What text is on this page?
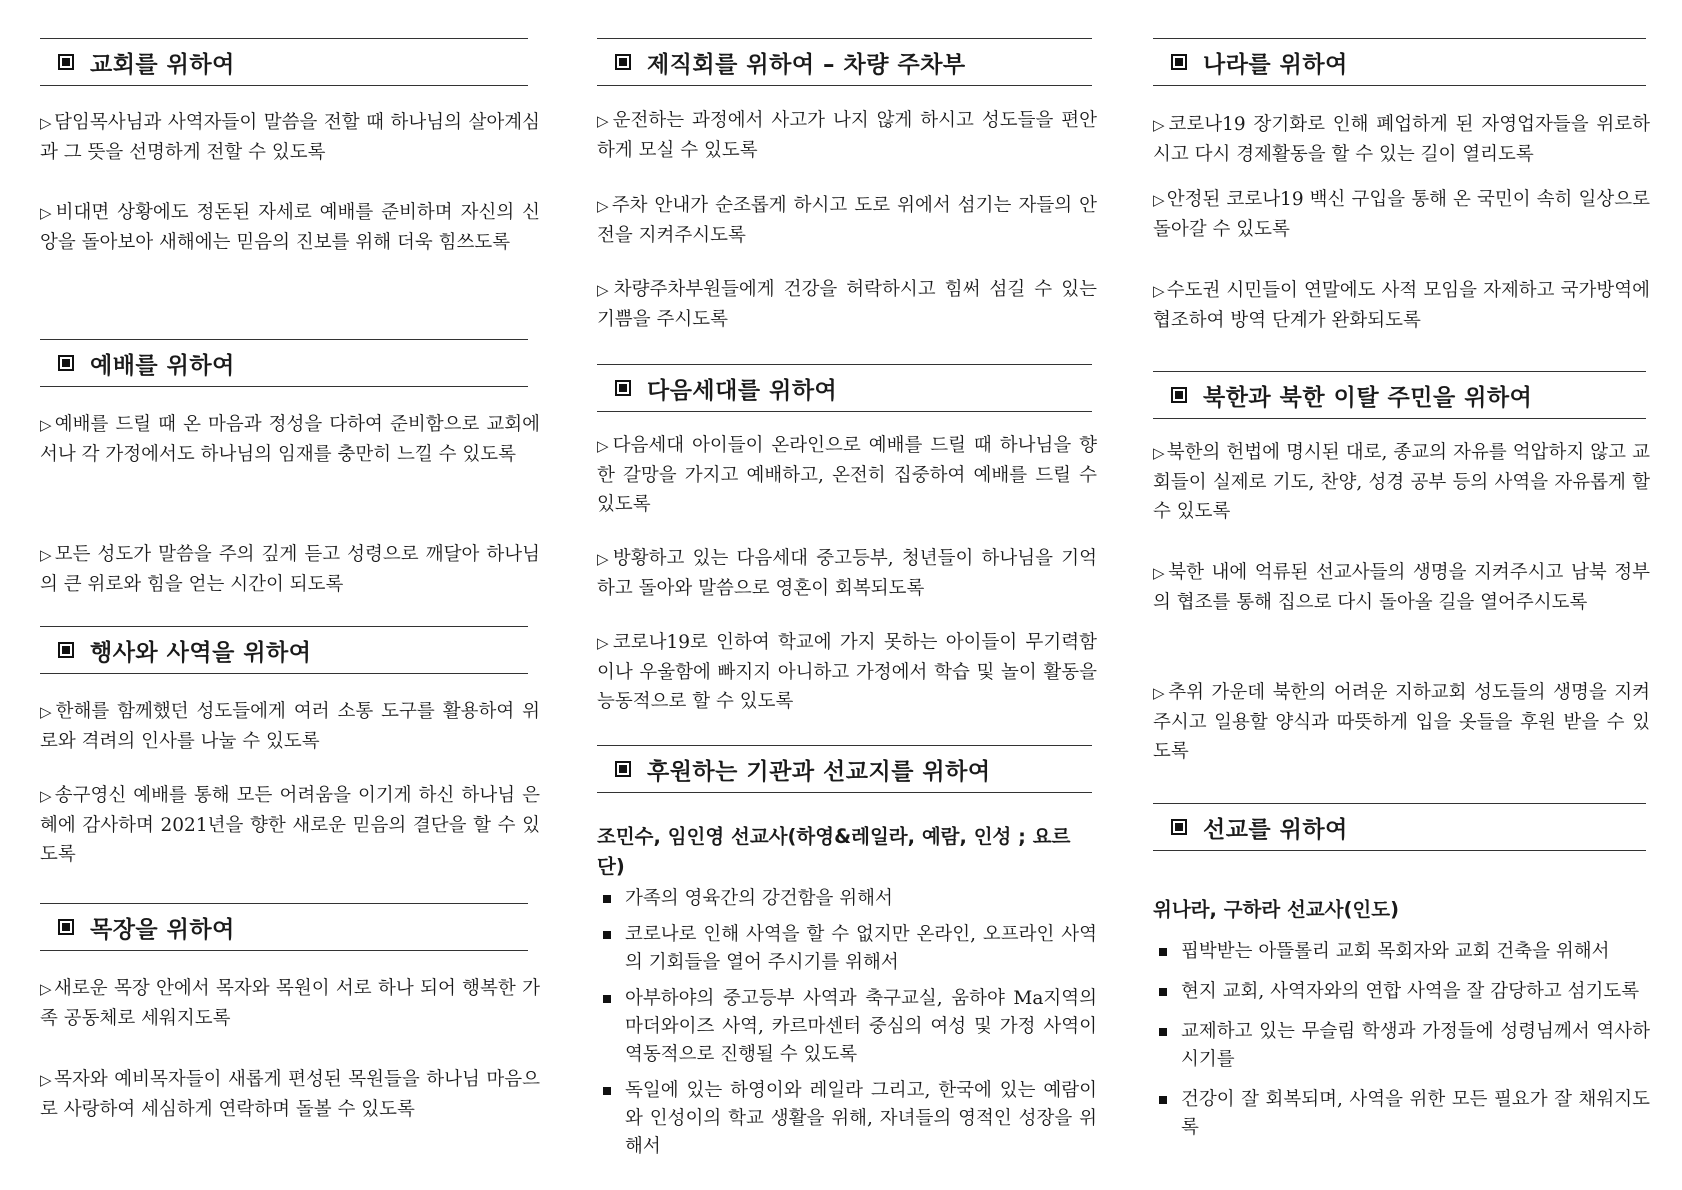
교회를 위하여

▷ 담임목사님과 사역자들이 말씀을 전할 때 하나님의 살아계심과 그 뜻을 선명하게 전할 수 있도록

▷ 비대면 상황에도 정돈된 자세로 예배를 준비하며 자신의 신앙을 돌아보아 새해에는 믿음의 진보를 위해 더욱 힘쓰도록

예배를 위하여

▷ 예배를 드릴 때 온 마음과 정성을 다하여 준비함으로 교회에서나 각 가정에서도 하나님의 임재를 충만히 느낄 수 있도록

▷ 모든 성도가 말씀을 주의 깊게 듣고 성령으로 깨달아 하나님의 큰 위로와 힘을 얻는 시간이 되도록

행사와 사역을 위하여

▷ 한해를 함께했던 성도들에게 여러 소통 도구를 활용하여 위로와 격려의 인사를 나눌 수 있도록

▷ 송구영신 예배를 통해 모든 어려움을 이기게 하신 하나님 은혜에 감사하며 2021년을 향한 새로운 믿음의 결단을 할 수 있도록

목장을 위하여

▷ 새로운 목장 안에서 목자와 목원이 서로 하나 되어 행복한 가족 공동체로 세워지도록

▷ 목자와 예비목자들이 새롭게 편성된 목원들을 하나님 마음으로 사랑하여 세심하게 연락하며 돌볼 수 있도록

제직회를 위하여 – 차량 주차부

▷ 운전하는 과정에서 사고가 나지 않게 하시고 성도들을 편안하게 모실 수 있도록

▷ 주차 안내가 순조롭게 하시고 도로 위에서 섬기는 자들의 안전을 지켜주시도록

▷ 차량주차부원들에게 건강을 허락하시고 힘써 섬길 수 있는 기쁨을 주시도록

다음세대를 위하여

▷ 다음세대 아이들이 온라인으로 예배를 드릴 때 하나님을 향한 갈망을 가지고 예배하고, 온전히 집중하여 예배를 드릴 수 있도록

▷ 방황하고 있는 다음세대 중고등부, 청년들이 하나님을 기억하고 돌아와 말씀으로 영혼이 회복되도록

▷ 코로나19로 인하여 학교에 가지 못하는 아이들이 무기력함이나 우울함에 빠지지 아니하고 가정에서 학습 및 놀이 활동을 능동적으로 할 수 있도록

후원하는 기관과 선교지를 위하여

조민수, 임인영 선교사(하영&레일라, 예람, 인성 ; 요르단)

가족의 영육간의 강건함을 위해서
코로나로 인해 사역을 할 수 없지만 온라인, 오프라인 사역의 기회들을 열어 주시기를 위해서
아부하야의 중고등부 사역과 축구교실, 움하야 Ma지역의 마더와이즈 사역, 카르마센터 중심의 여성 및 가정 사역이 역동적으로 진행될 수 있도록
독일에 있는 하영이와 레일라 그리고, 한국에 있는 예람이와 인성이의 학교 생활을 위해, 자녀들의 영적인 성장을 위해서
나라를 위하여

▷ 코로나19 장기화로 인해 폐업하게 된 자영업자들을 위로하시고 다시 경제활동을 할 수 있는 길이 열리도록

▷ 안정된 코로나19 백신 구입을 통해 온 국민이 속히 일상으로 돌아갈 수 있도록

▷ 수도권 시민들이 연말에도 사적 모임을 자제하고 국가방역에 협조하여 방역 단계가 완화되도록

북한과 북한 이탈 주민을 위하여

▷ 북한의 헌법에 명시된 대로, 종교의 자유를 억압하지 않고 교회들이 실제로 기도, 찬양, 성경 공부 등의 사역을 자유롭게 할 수 있도록

▷ 북한 내에 억류된 선교사들의 생명을 지켜주시고 남북 정부의 협조를 통해 집으로 다시 돌아올 길을 열어주시도록

▷ 추위 가운데 북한의 어려운 지하교회 성도들의 생명을 지켜주시고 일용할 양식과 따뜻하게 입을 옷들을 후원 받을 수 있도록

선교를 위하여

위나라, 구하라 선교사(인도)

핍박받는 아뜰롤리 교회 목회자와 교회 건축을 위해서
현지 교회, 사역자와의 연합 사역을 잘 감당하고 섬기도록
교제하고 있는 무슬림 학생과 가정들에 성령님께서 역사하시기를
건강이 잘 회복되며, 사역을 위한 모든 필요가 잘 채워지도록
